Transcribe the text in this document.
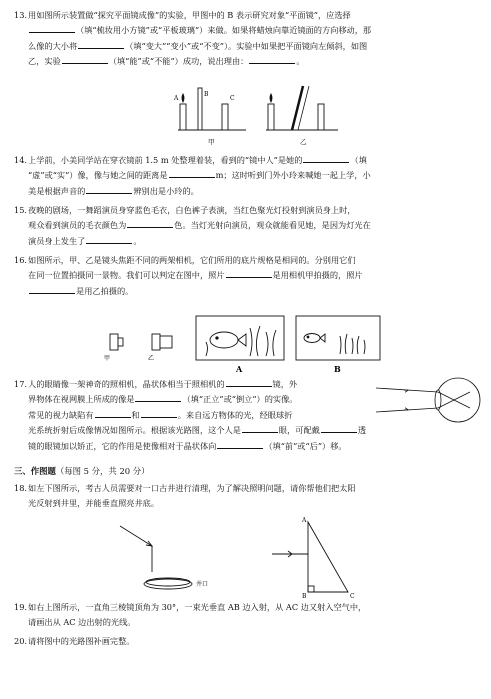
13.用如图所示装置做“探究平面镜成像”的实验，甲图中的 B 表示研究对象“平面镜”，应选择
（填“梳妆用小方镜”或“平板玻璃”）来做。如果将蜡烛向靠近镜面的方向移动，那
么像的大小将	（填“变大”“变小”或“不变”）。实验中如果把平面镜向左倾斜，如图
乙，实验	（填“能”或“不能”）成功，说出理由：	。
A
B
C
甲	乙
14.上学前，小美同学站在穿衣镜前 1.5 m 处整理着装，看到的“镜中人”是她的	（填
“虚”或“实”）像，像与她之间的距离是	m；这时听到门外小玲来喊她一起上学，小
美是根据声音的	辨别出是小玲的。
15.夜晚的剧场，一舞蹈演员身穿蓝色毛衣，白色裤子表演，当红色聚光灯投射到演员身上时，
观众看到演员的毛衣颜色为	色。当灯光射向演员，观众就能看见她，是因为灯光在
演员身上发生了	。
16.如图所示，甲、乙是镜头焦距不同的两架相机，它们所用的底片规格是相同的。分别用它们
在同一位置拍摄同一景物。我们可以判定在图中，照片	是用相机甲拍摄的，照片
是用乙拍摄的。
甲	乙
A	B
17.人的眼睛像一架神奇的照相机，晶状体相当于照相机的	镜，外
界物体在视网膜上所成的像是	（填“正立”或“倒立”）的实像。
常见的视力缺陷有	和	。来自远方物体的光，经眼球折
光系统折射后成像情况如图所示。根据该光路图，这个人是	眼，可配戴	透
镜的眼镜加以矫正，它的作用是使像相对于晶状体向	（填“前”或“后”）移。
三、作图题（每图 5 分，共 20 分）
18.如左下图所示，考古人员需要对一口古井进行清理，为了解决照明问题，请你帮他们把太阳
光反射到井里，并能垂直照亮井底。
井口
A
B	C
19.如右上图所示，一直角三棱镜顶角为 30°，一束光垂直 AB 边入射，从 AC 边又射入空气中，
请画出从 AC 边出射的光线。
20.请将图中的光路图补画完整。
